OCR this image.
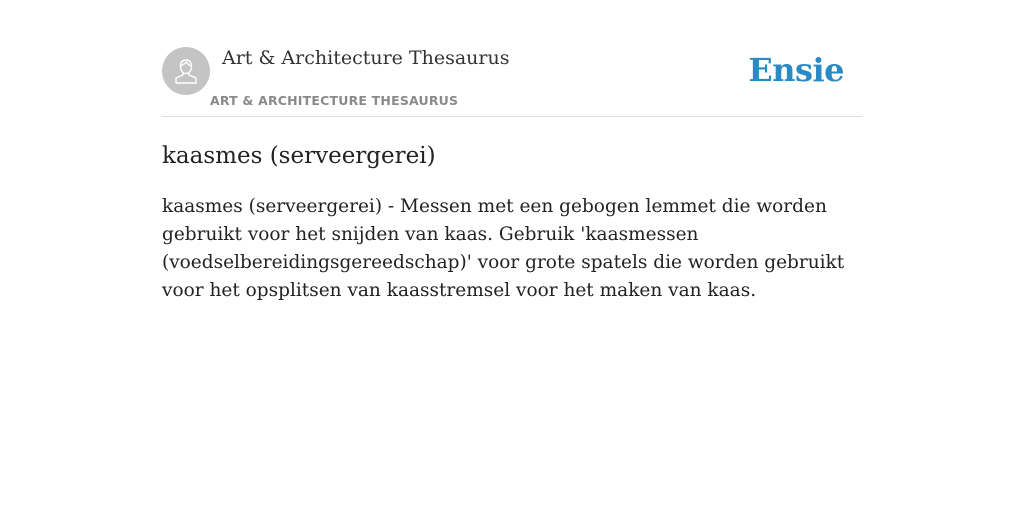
Art & Architecture Thesaurus
ART & ARCHITECTURE THESAURUS
Ensie
kaasmes (serveergerei)

kaasmes (serveergerei) - Messen met een gebogen lemmet die worden gebruikt voor het snijden van kaas. Gebruik 'kaasmessen (voedselbereidingsgereedschap)' voor grote spatels die worden gebruikt voor het opsplitsen van kaasstremsel voor het maken van kaas.
